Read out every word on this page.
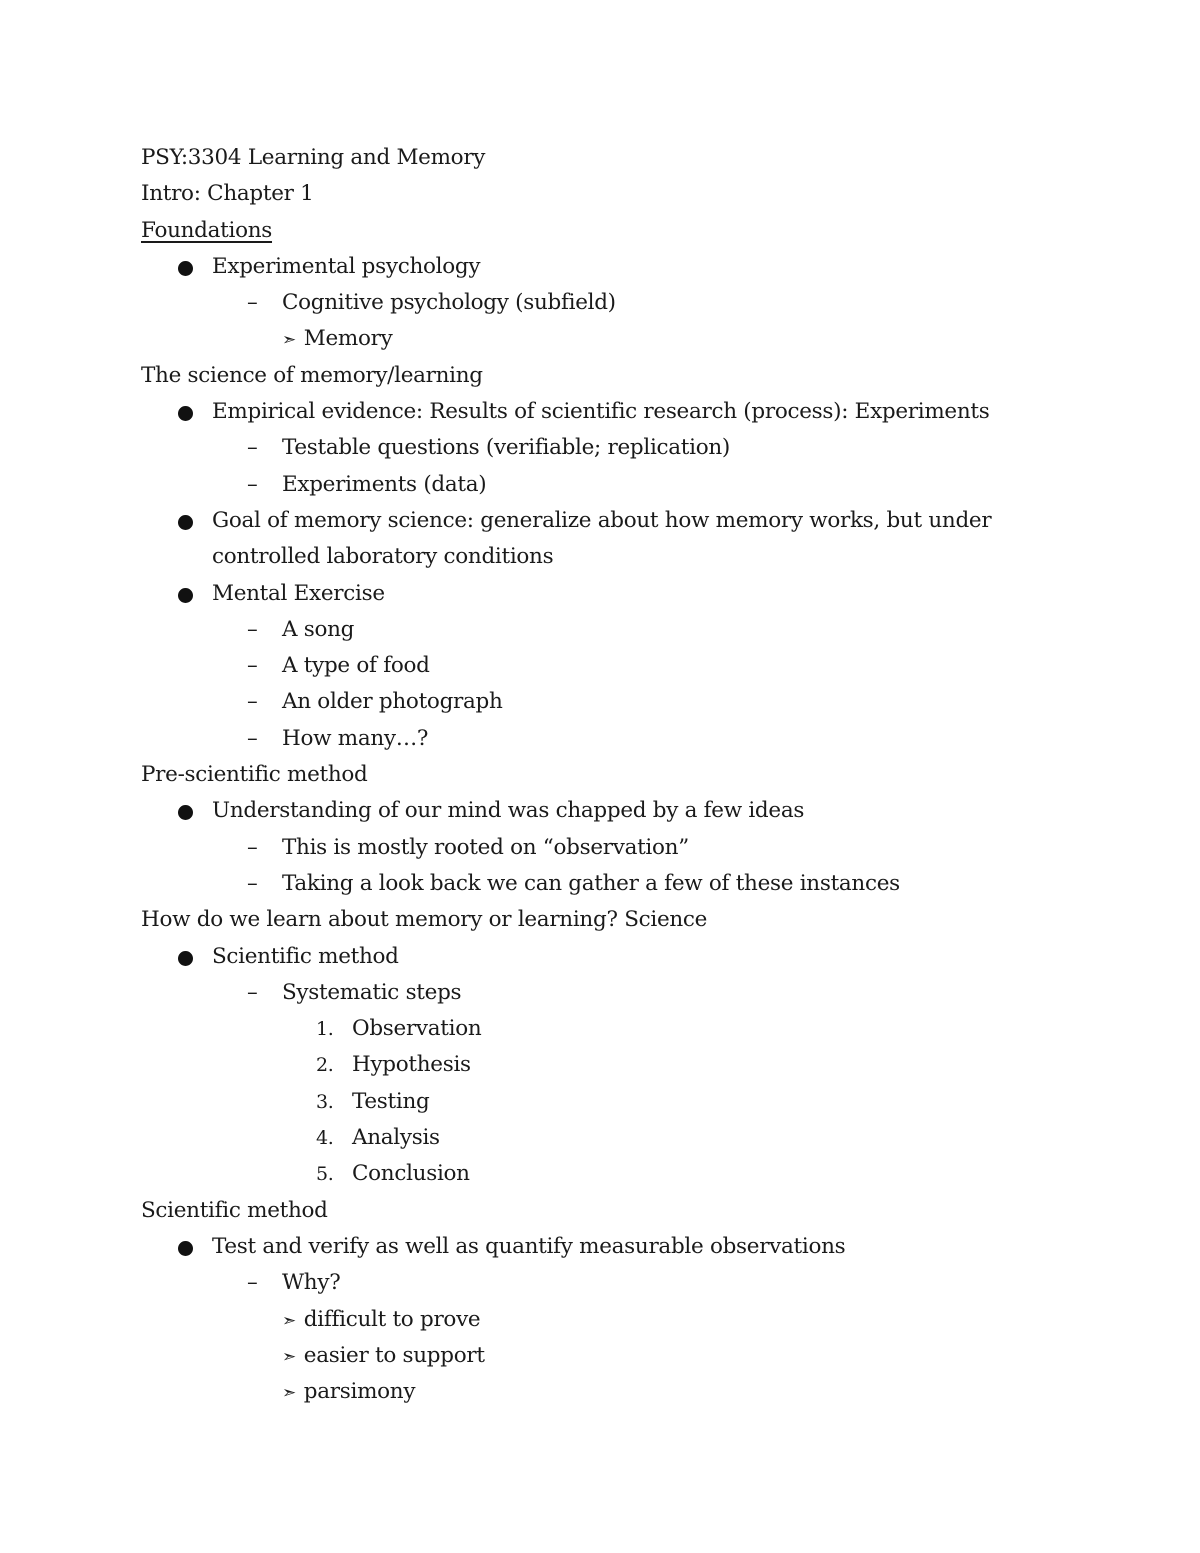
PSY:3304 Learning and Memory
Intro: Chapter 1
Foundations
Experimental psychology
– Cognitive psychology (subfield)
➣ Memory
The science of memory/learning
Empirical evidence: Results of scientific research (process): Experiments
– Testable questions (verifiable; replication)
– Experiments (data)
Goal of memory science: generalize about how memory works, but under
controlled laboratory conditions
Mental Exercise
– A song
– A type of food
– An older photograph
– How many…?
Pre-scientific method
Understanding of our mind was chapped by a few ideas
– This is mostly rooted on “observation”
– Taking a look back we can gather a few of these instances
How do we learn about memory or learning? Science
Scientific method
– Systematic steps
1. Observation
2. Hypothesis
3. Testing
4. Analysis
5. Conclusion
Scientific method
Test and verify as well as quantify measurable observations
– Why?
➣ difficult to prove
➣ easier to support
➣ parsimony
